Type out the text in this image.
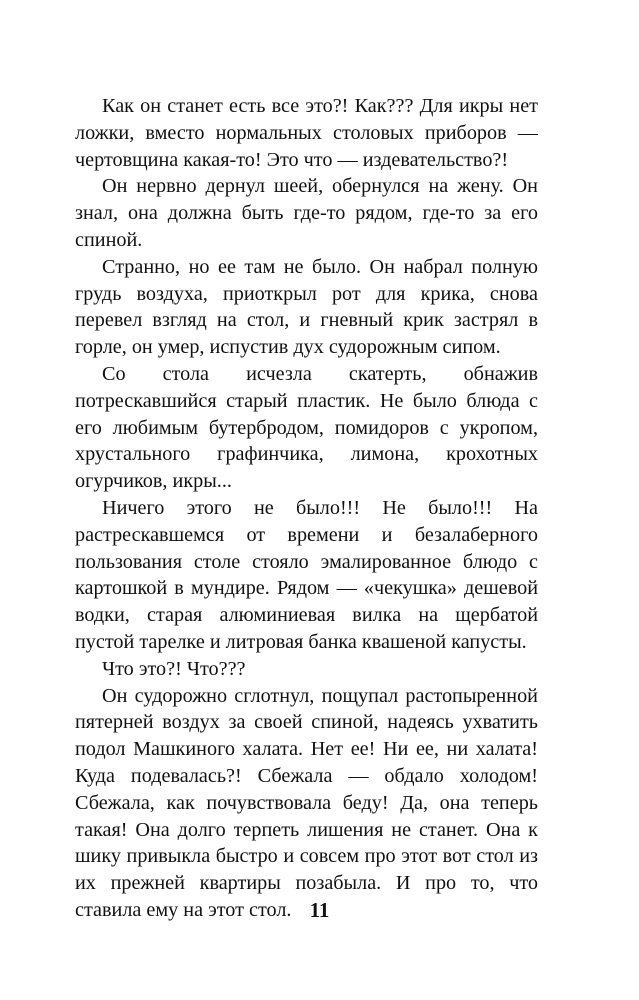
Как он станет есть все это?! Как??? Для икры нет ложки, вместо нормальных столовых приборов — чертовщина какая-то! Это что — издевательство?!

Он нервно дернул шеей, обернулся на жену. Он знал, она должна быть где-то рядом, где-то за его спиной.

Странно, но ее там не было. Он набрал полную грудь воздуха, приоткрыл рот для крика, снова перевел взгляд на стол, и гневный крик застрял в горле, он умер, испустив дух судорожным сипом.

Со стола исчезла скатерть, обнажив потрескавшийся старый пластик. Не было блюда с его любимым бутербродом, помидоров с укропом, хрустального графинчика, лимона, крохотных огурчиков, икры...

Ничего этого не было!!! Не было!!! На растрескавшемся от времени и безалаберного пользования столе стояло эмалированное блюдо с картошкой в мундире. Рядом — «чекушка» дешевой водки, старая алюминиевая вилка на щербатой пустой тарелке и литровая банка квашеной капусты.

Что это?! Что???

Он судорожно сглотнул, пощупал растопыренной пятерней воздух за своей спиной, надеясь ухватить подол Машкиного халата. Нет ее! Ни ее, ни халата! Куда подевалась?! Сбежала — обдало холодом! Сбежала, как почувствовала беду! Да, она теперь такая! Она долго терпеть лишения не станет. Она к шику привыкла быстро и совсем про этот вот стол из их прежней квартиры позабыла. И про то, что ставила ему на этот стол. 11
